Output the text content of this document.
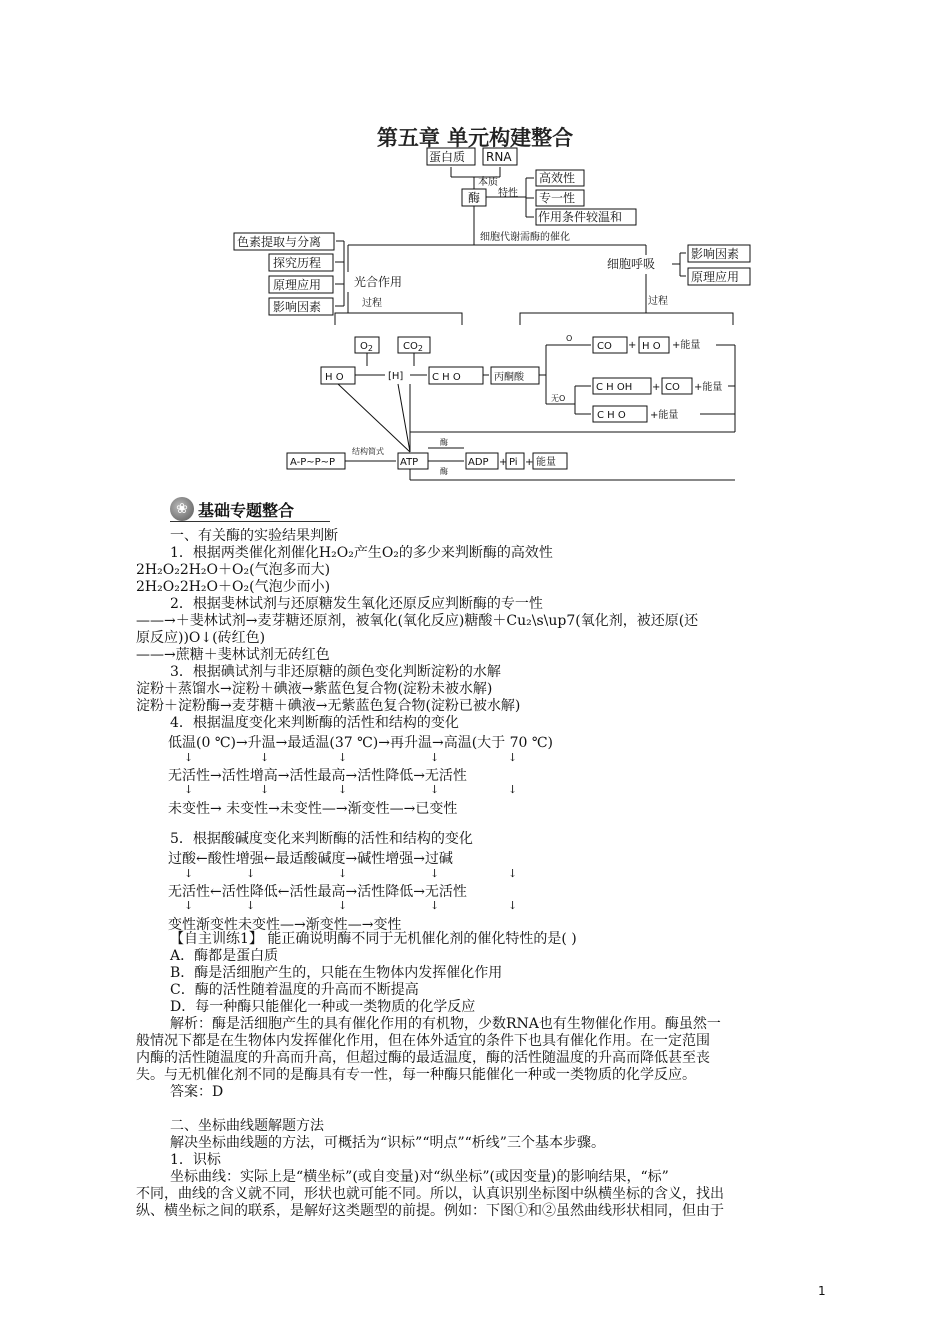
第五章 单元构建整合
蛋白质 RNA
本质
特性
酶
高效性
专一性
作用条件较温和
细胞代谢需酶的催化
色素提取与分离
探究历程
原理应用
影响因素
光合作用
过程
细胞呼吸
影响因素
原理应用
过程
$O_2$	$CO_2$
H O	[H]	C H O	丙酮酸
O
无O
CO	H O
+	+能量
C H OH + CO +能量
C H O +能量
A-P~P~P
结构简式
ATP
酶
酶
ADP + Pi + 能量
❀ 基础专题整合
一、有关酶的实验结果判断
1．根据两类催化剂催化H₂O₂产生O₂的多少来判断酶的高效性
2H₂O₂2H₂O＋O₂(气泡多而大)
2H₂O₂2H₂O＋O₂(气泡少而小)
2．根据斐林试剂与还原糖发生氧化还原反应判断酶的专一性
——→＋斐林试剂→麦芽糖还原剂，被氧化(氧化反应)糖酸＋Cu₂\s\up7(氧化剂，被还原(还
原反应))O↓(砖红色)
——→蔗糖＋斐林试剂无砖红色
3．根据碘试剂与非还原糖的颜色变化判断淀粉的水解
淀粉＋蒸馏水→淀粉＋碘液→紫蓝色复合物(淀粉未被水解)
淀粉＋淀粉酶→麦芽糖＋碘液→无紫蓝色复合物(淀粉已被水解)
4．根据温度变化来判断酶的活性和结构的变化
低温(0 ℃)→升温→最适温(37 ℃)→再升温→高温(大于 70 ℃)
↓	↓	↓	↓	↓
无活性→活性增高→活性最高→活性降低→无活性
↓	↓	↓	↓	↓
未变性→ 未变性→未变性—→渐变性—→已变性
5．根据酸碱度变化来判断酶的活性和结构的变化
过酸←酸性增强←最适酸碱度→碱性增强→过碱
↓	↓	↓	↓	↓
无活性←活性降低←活性最高→活性降低→无活性
↓	↓	↓	↓	↓
变性渐变性未变性—→渐变性—→变性
【自主训练1】 能正确说明酶不同于无机催化剂的催化特性的是( )
A．酶都是蛋白质
B．酶是活细胞产生的，只能在生物体内发挥催化作用
C．酶的活性随着温度的升高而不断提高
D．每一种酶只能催化一种或一类物质的化学反应
解析：酶是活细胞产生的具有催化作用的有机物，少数RNA也有生物催化作用。酶虽然一
般情况下都是在生物体内发挥催化作用，但在体外适宜的条件下也具有催化作用。在一定范围
内酶的活性随温度的升高而升高，但超过酶的最适温度，酶的活性随温度的升高而降低甚至丧
失。与无机催化剂不同的是酶具有专一性，每一种酶只能催化一种或一类物质的化学反应。
答案：D
二、坐标曲线题解题方法
解决坐标曲线题的方法，可概括为“识标”“明点”“析线”三个基本步骤。
1．识标
坐标曲线：实际上是“横坐标”(或自变量)对“纵坐标”(或因变量)的影响结果，“标”
不同，曲线的含义就不同，形状也就可能不同。所以，认真识别坐标图中纵横坐标的含义，找出
纵、横坐标之间的联系，是解好这类题型的前提。例如：下图①和②虽然曲线形状相同，但由于
1
